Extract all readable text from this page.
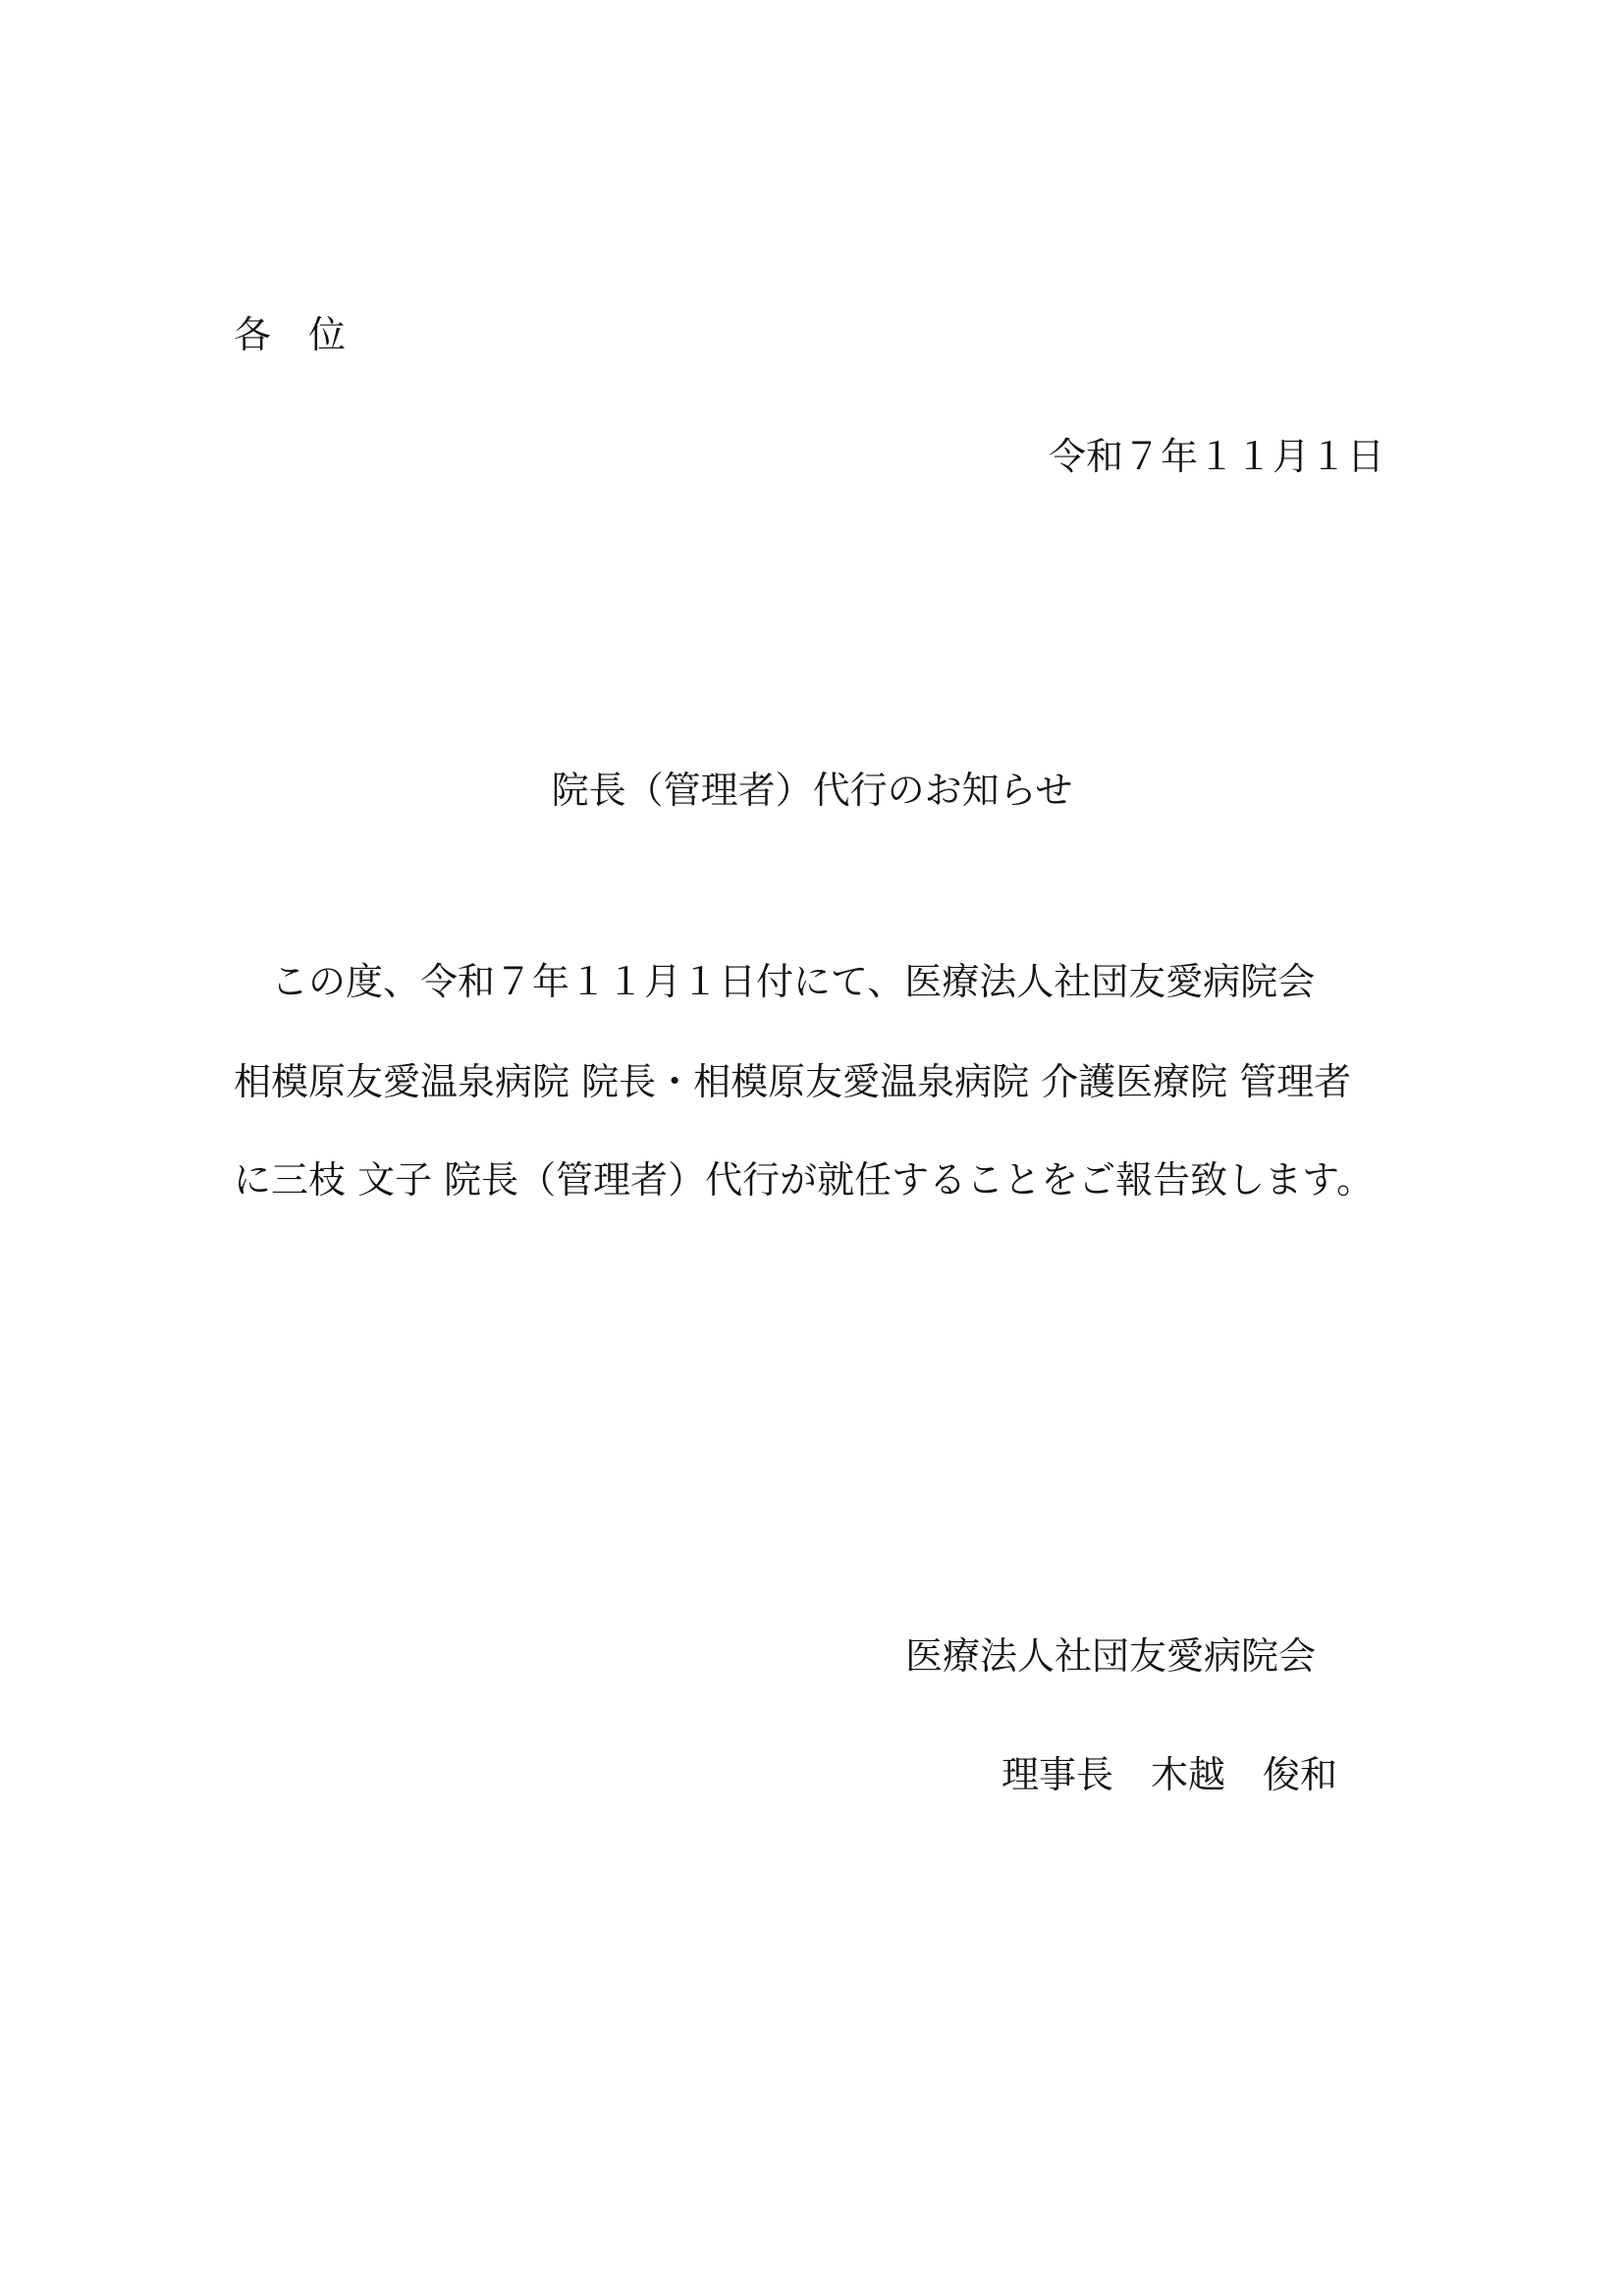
各　位
令和７年１１月１日
院長（管理者）代行のお知らせ
　この度、令和７年１１月１日付にて、医療法人社団友愛病院会
相模原友愛温泉病院 院長・相模原友愛温泉病院 介護医療院 管理者
に三枝 文子 院長（管理者）代行が就任することをご報告致します。
医療法人社団友愛病院会
理事長　木越　俊和
